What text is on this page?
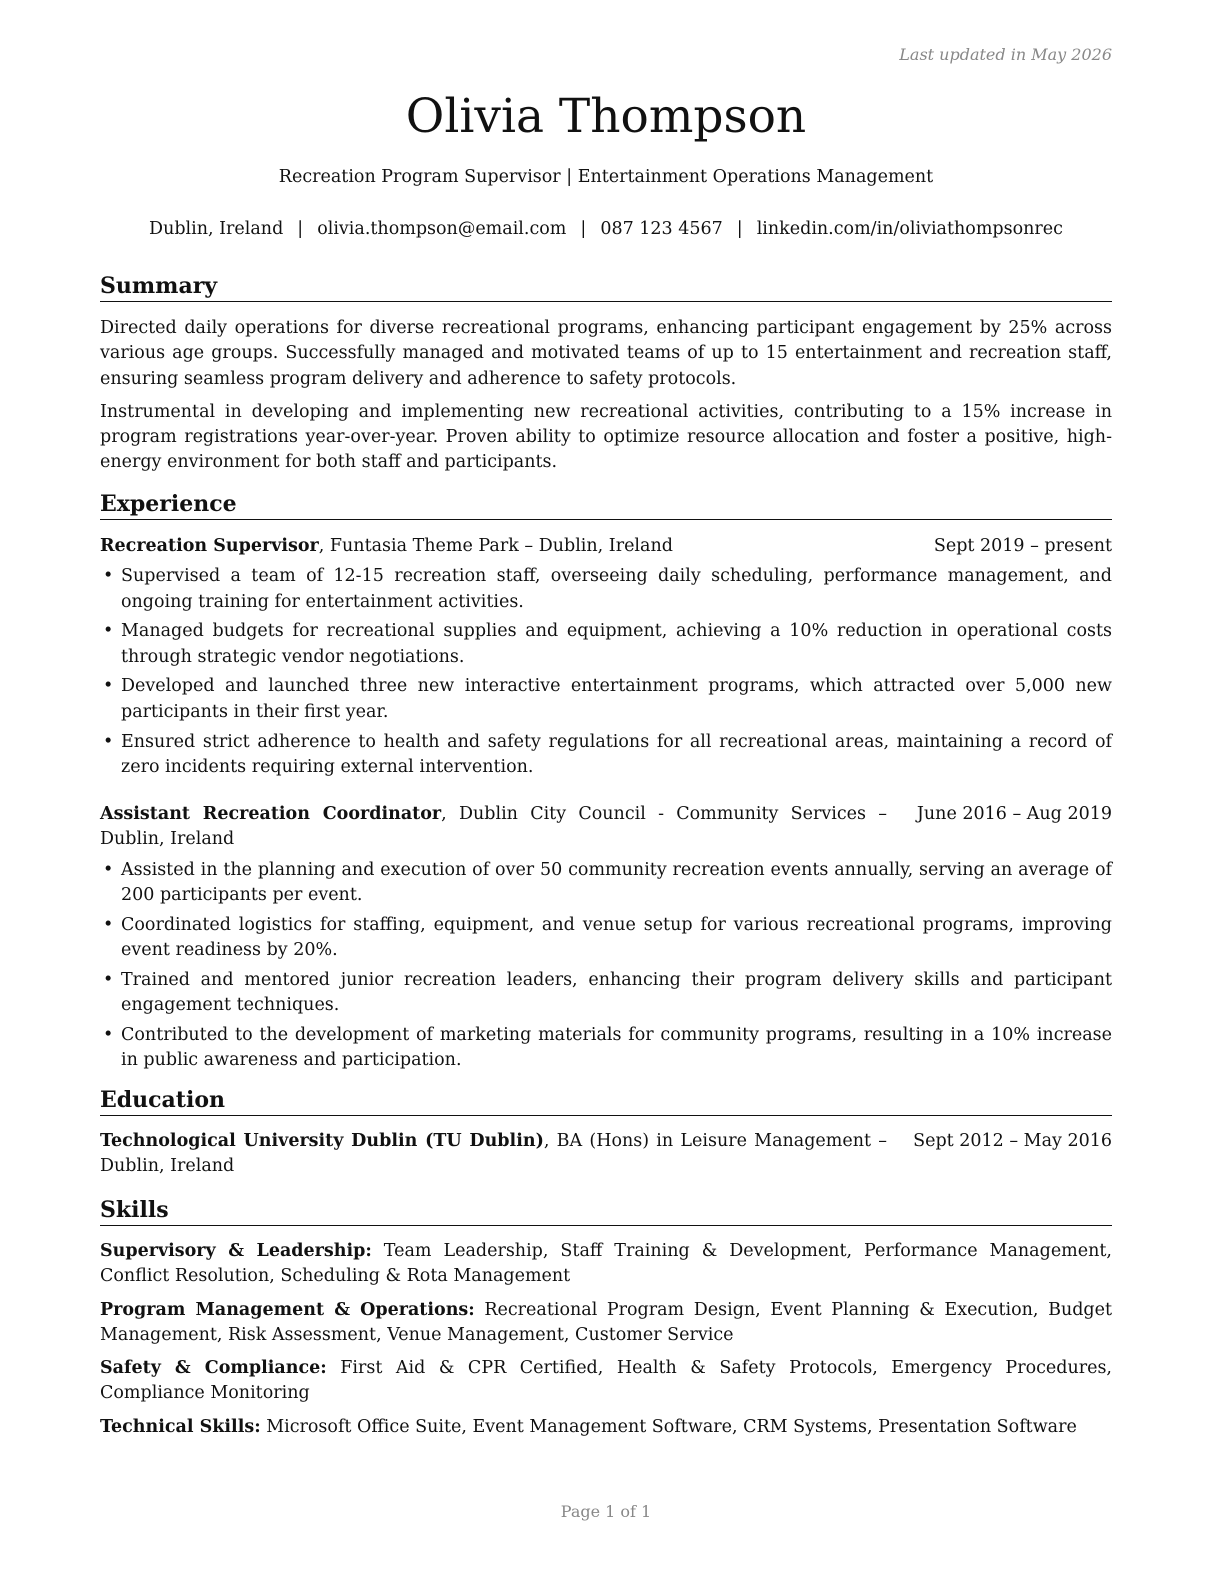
Last updated in May 2026
Olivia Thompson
Recreation Program Supervisor | Entertainment Operations Management
Dublin, Ireland | olivia.thompson@email.com | 087 123 4567 | linkedin.com/in/oliviathompsonrec
Summary

Directed daily operations for diverse recreational programs, enhancing participant engagement by 25% across various age groups. Successfully managed and motivated teams of up to 15 entertainment and recreation staff, ensuring seamless program delivery and adherence to safety protocols.

Instrumental in developing and implementing new recreational activities, contributing to a 15% increase in program registrations year-over-year. Proven ability to optimize resource allocation and foster a positive, high-energy environment for both staff and participants.

Experience
Recreation Supervisor, Funtasia Theme Park – Dublin, Ireland	Sept 2019 – present
• Supervised a team of 12-15 recreation staff, overseeing daily scheduling, performance management, and ongoing training for entertainment activities.
• Managed budgets for recreational supplies and equipment, achieving a 10% reduction in operational costs through strategic vendor negotiations.
• Developed and launched three new interactive entertainment programs, which attracted over 5,000 new participants in their first year.
• Ensured strict adherence to health and safety regulations for all recreational areas, maintaining a record of zero incidents requiring external intervention.
Assistant Recreation Coordinator, Dublin City Council - Community Services – Dublin, Ireland
June 2016 – Aug 2019
• Assisted in the planning and execution of over 50 community recreation events annually, serving an average of 200 participants per event.
• Coordinated logistics for staffing, equipment, and venue setup for various recreational programs, improving event readiness by 20%.
• Trained and mentored junior recreation leaders, enhancing their program delivery skills and participant engagement techniques.
• Contributed to the development of marketing materials for community programs, resulting in a 10% increase in public awareness and participation.
Education
Technological University Dublin (TU Dublin), BA (Hons) in Leisure Management – Dublin, Ireland
Sept 2012 – May 2016
Skills

Supervisory & Leadership: Team Leadership, Staff Training & Development, Performance Management, Conflict Resolution, Scheduling & Rota Management

Program Management & Operations: Recreational Program Design, Event Planning & Execution, Budget Management, Risk Assessment, Venue Management, Customer Service

Safety & Compliance: First Aid & CPR Certified, Health & Safety Protocols, Emergency Procedures, Compliance Monitoring

Technical Skills: Microsoft Office Suite, Event Management Software, CRM Systems, Presentation Software

Page 1 of 1
